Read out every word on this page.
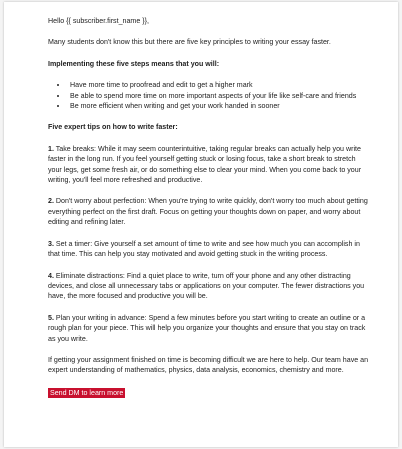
Hello {{ subscriber.first_name }},

Many students don't know this but there are five key principles to writing your essay faster.

Implementing these five steps means that you will:

• Have more time to proofread and edit to get a higher mark
• Be able to spend more time on more important aspects of your life like self-care and friends
• Be more efficient when writing and get your work handed in sooner

Five expert tips on how to write faster:

1. Take breaks: While it may seem counterintuitive, taking regular breaks can actually help you write faster in the long run. If you feel yourself getting stuck or losing focus, take a short break to stretch your legs, get some fresh air, or do something else to clear your mind. When you come back to your writing, you'll feel more refreshed and productive.

2. Don't worry about perfection: When you're trying to write quickly, don't worry too much about getting everything perfect on the first draft. Focus on getting your thoughts down on paper, and worry about editing and refining later.

3. Set a timer: Give yourself a set amount of time to write and see how much you can accomplish in that time. This can help you stay motivated and avoid getting stuck in the writing process.

4. Eliminate distractions: Find a quiet place to write, turn off your phone and any other distracting devices, and close all unnecessary tabs or applications on your computer. The fewer distractions you have, the more focused and productive you will be.

5. Plan your writing in advance: Spend a few minutes before you start writing to create an outline or a rough plan for your piece. This will help you organize your thoughts and ensure that you stay on track as you write.

If getting your assignment finished on time is becoming difficult we are here to help. Our team have an expert understanding of mathematics, physics, data analysis, economics, chemistry and more.

Send DM to learn more
